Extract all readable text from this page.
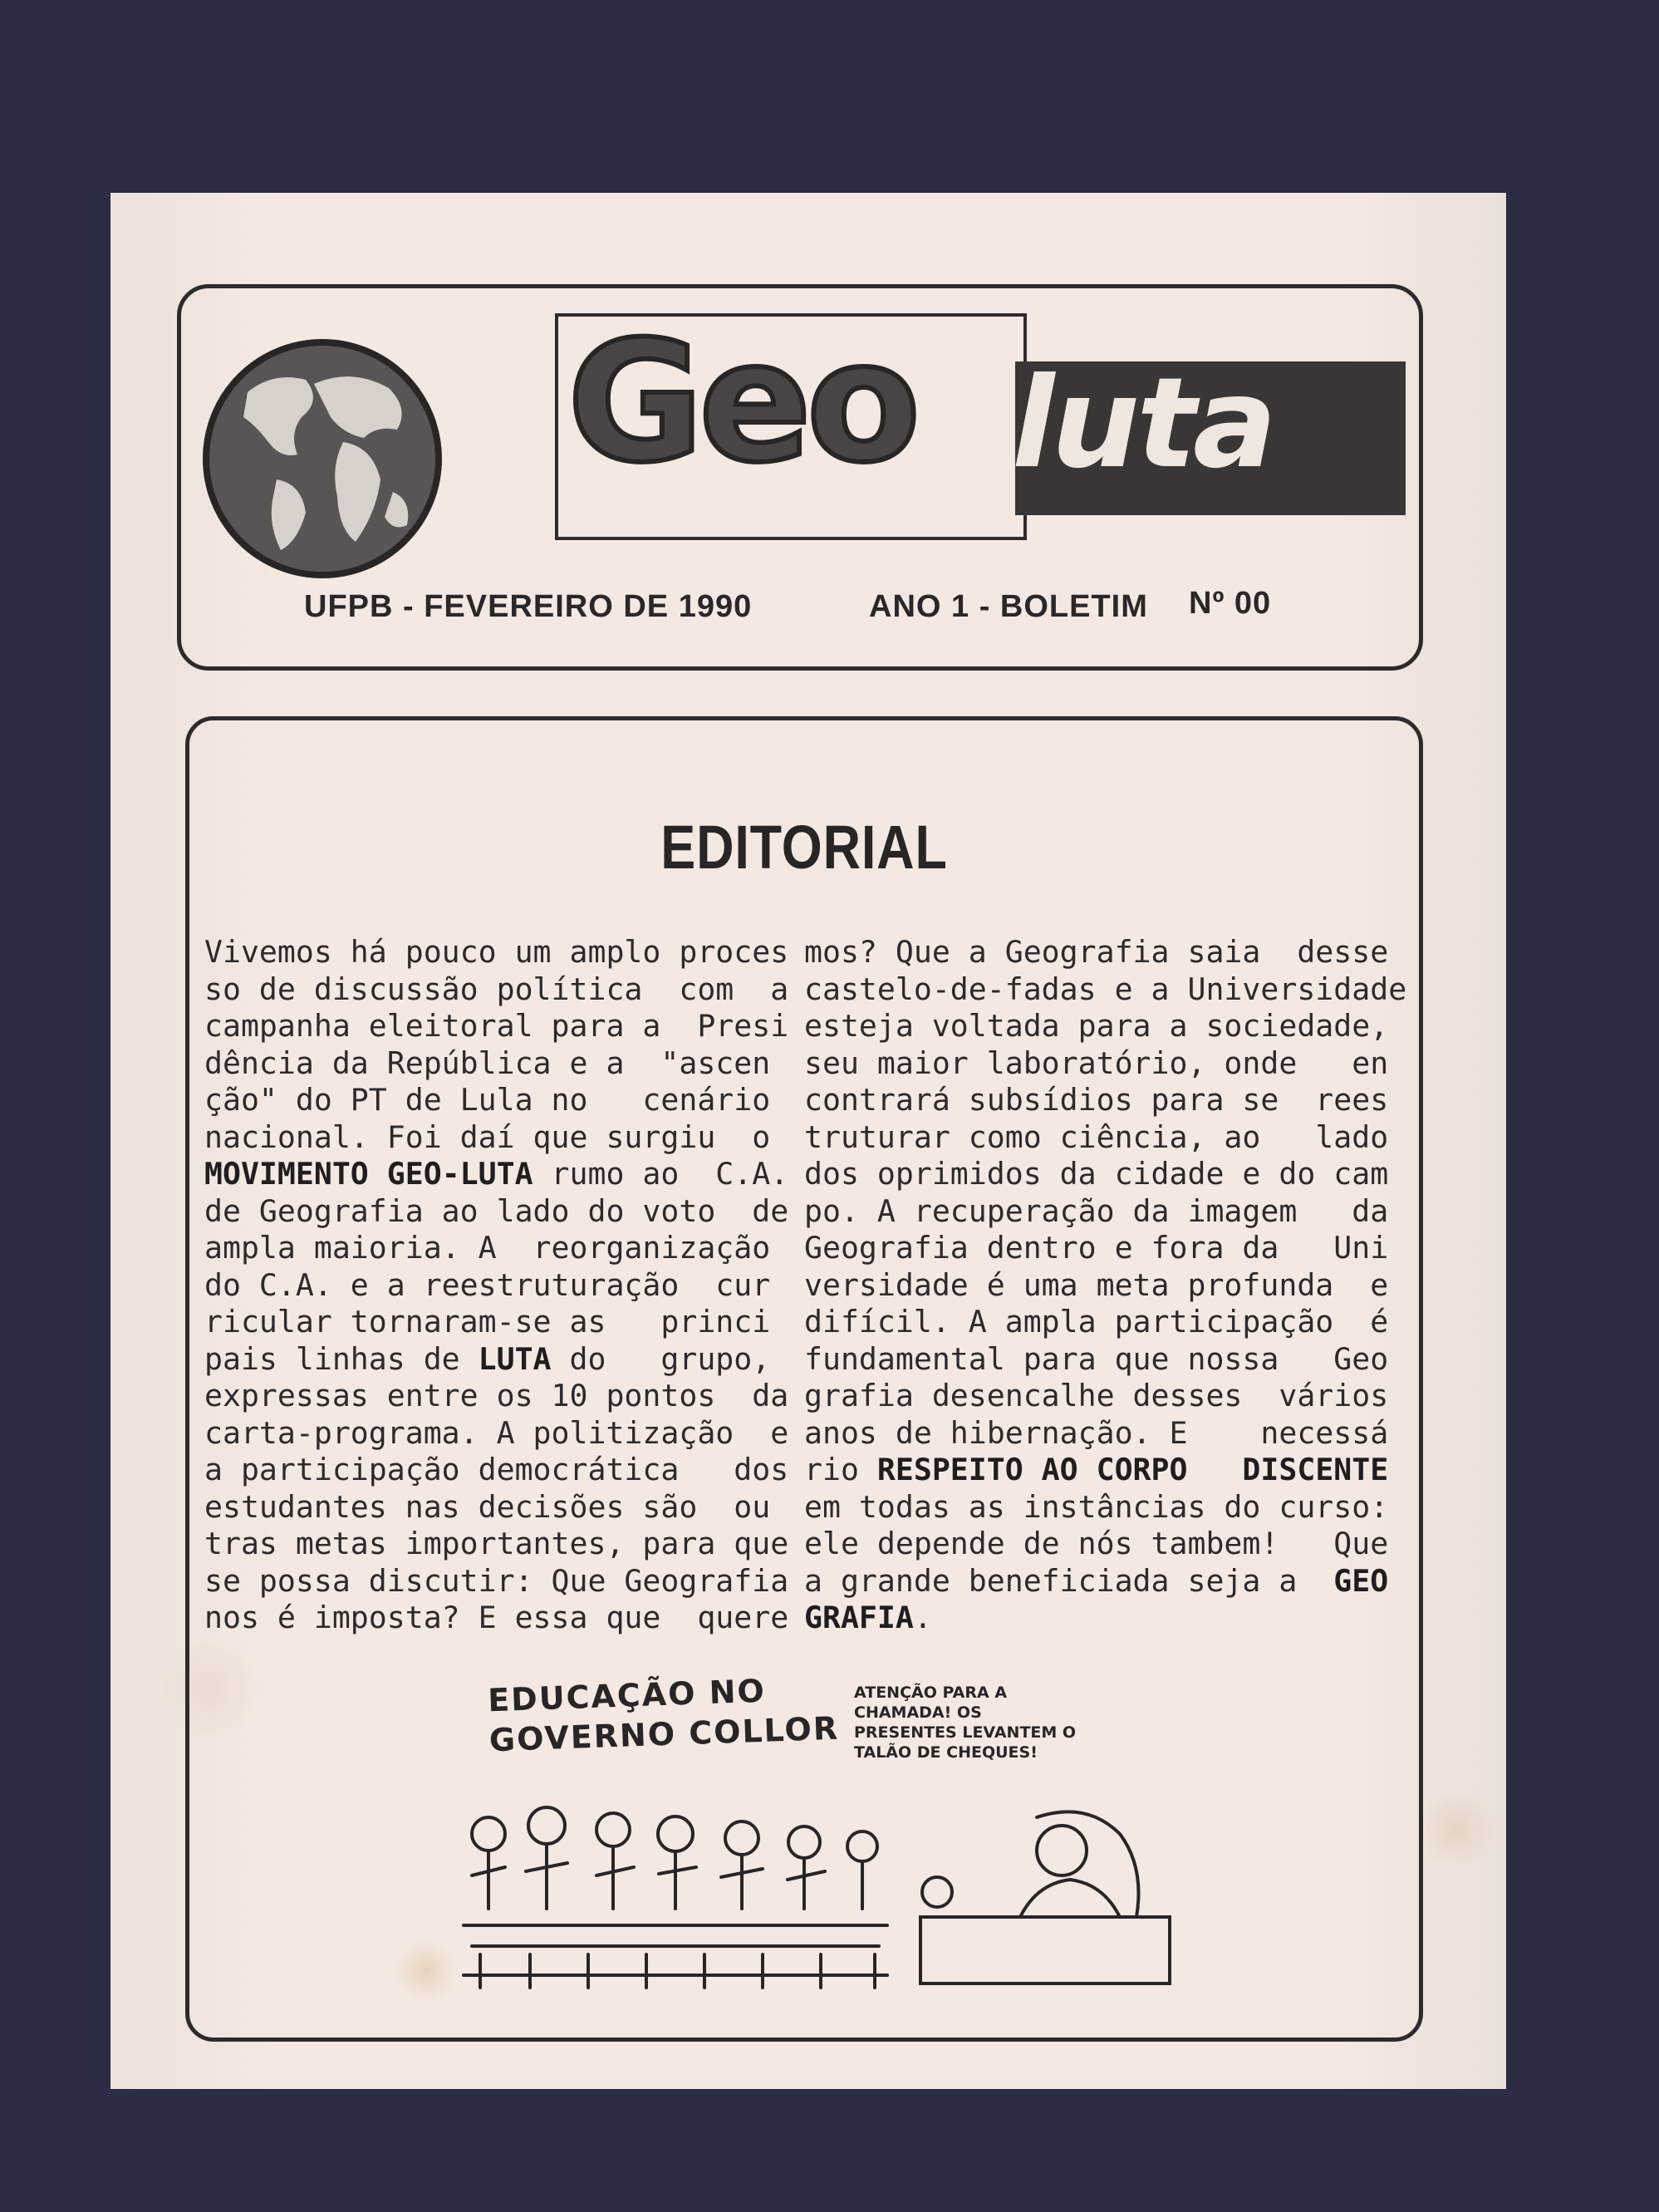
Geo luta
UFPB - FEVEREIRO DE 1990	ANO 1 - BOLETIM Nº 00
EDITORIAL
Vivemos há pouco um amplo proces
so de discussão política  com  a
campanha eleitoral para a  Presi
dência da República e a  "ascen
ção" do PT de Lula no   cenário
nacional. Foi daí que surgiu  o
MOVIMENTO GEO-LUTA rumo ao  C.A.
de Geografia ao lado do voto  de
ampla maioria. A  reorganização
do C.A. e a reestruturação  cur
ricular tornaram-se as   princi
pais linhas de LUTA do   grupo,
expressas entre os 10 pontos  da
carta-programa. A politização  e
a participação democrática   dos
estudantes nas decisões são  ou
tras metas importantes, para que
se possa discutir: Que Geografia
nos é imposta? E essa que  quere
mos? Que a Geografia saia  desse
castelo-de-fadas e a Universidade
esteja voltada para a sociedade,
seu maior laboratório, onde   en
contrará subsídios para se  rees
truturar como ciência, ao   lado
dos oprimidos da cidade e do cam
po. A recuperação da imagem   da
Geografia dentro e fora da   Uni
versidade é uma meta profunda  e
difícil. A ampla participação  é
fundamental para que nossa   Geo
grafia desencalhe desses  vários
anos de hibernação. E    necessá
rio RESPEITO AO CORPO DISCENTE
em todas as instâncias do curso:
ele depende de nós tambem!   Que
a grande beneficiada seja a  GEO
GRAFIA.
EDUCAÇÃO NO
GOVERNO COLLOR
ATENÇÃO PARA A CHAMADA! OS PRESENTES LEVANTEM O TALÃO DE CHEQUES!
